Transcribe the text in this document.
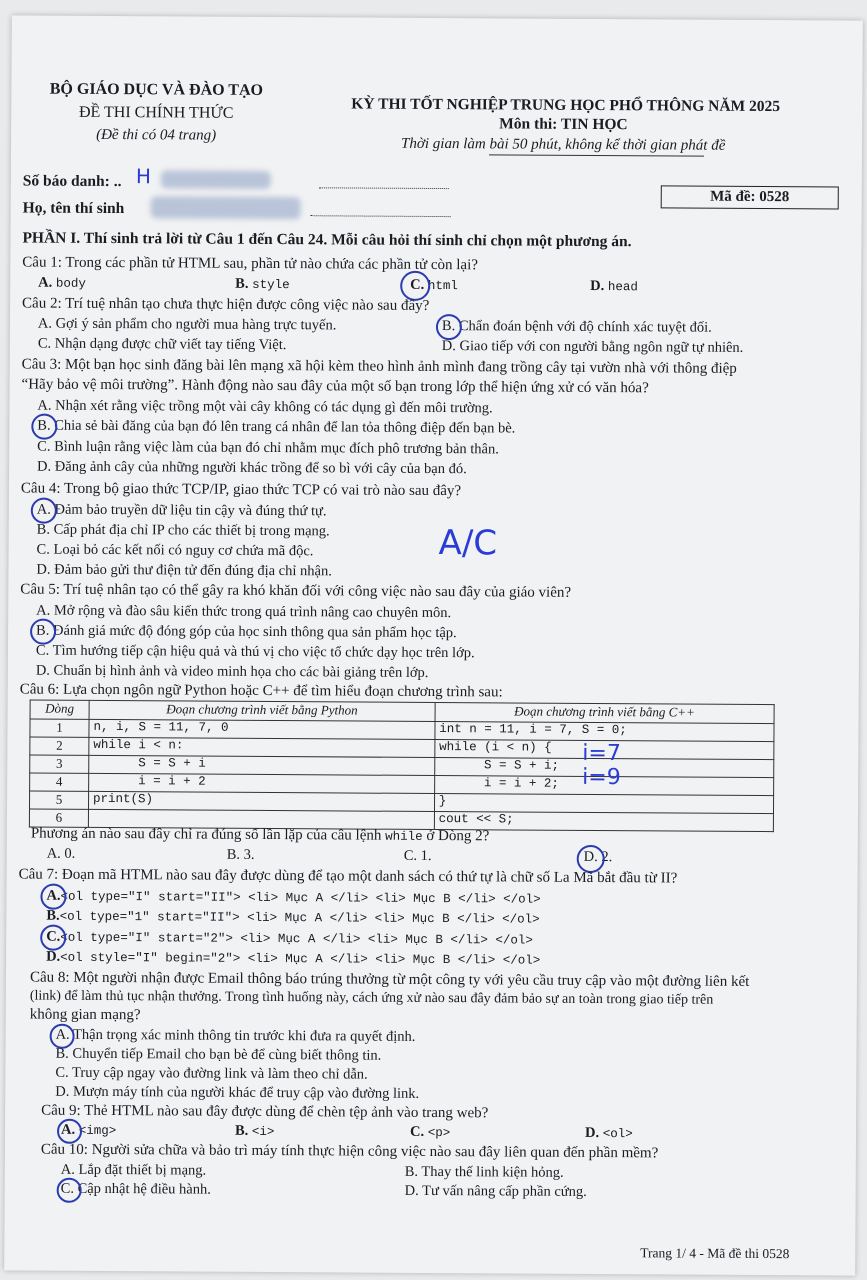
BỘ GIÁO DỤC VÀ ĐÀO TẠO
ĐỀ THI CHÍNH THỨC
(Đề thi có 04 trang)
KỲ THI TỐT NGHIỆP TRUNG HỌC PHỔ THÔNG NĂM 2025
Môn thi: TIN HỌC
Thời gian làm bài 50 phút, không kể thời gian phát đề
Số báo danh: .. H
Họ, tên thí sinh
Mã đề: 0528
PHẦN I. Thí sinh trả lời từ Câu 1 đến Câu 24. Mỗi câu hỏi thí sinh chỉ chọn một phương án.
Câu 1: Trong các phần tử HTML sau, phần tử nào chứa các phần tử còn lại?
A. body	B. style	C. html	D. head
Câu 2: Trí tuệ nhân tạo chưa thực hiện được công việc nào sau đây?
A. Gợi ý sản phẩm cho người mua hàng trực tuyến.	B. Chẩn đoán bệnh với độ chính xác tuyệt đối.
C. Nhận dạng được chữ viết tay tiếng Việt.	D. Giao tiếp với con người bằng ngôn ngữ tự nhiên.
Câu 3: Một bạn học sinh đăng bài lên mạng xã hội kèm theo hình ảnh mình đang trồng cây tại vườn nhà với thông điệp
“Hãy bảo vệ môi trường”. Hành động nào sau đây của một số bạn trong lớp thể hiện ứng xử có văn hóa?
A. Nhận xét rằng việc trồng một vài cây không có tác dụng gì đến môi trường.
B. Chia sẻ bài đăng của bạn đó lên trang cá nhân để lan tỏa thông điệp đến bạn bè.
C. Bình luận rằng việc làm của bạn đó chỉ nhằm mục đích phô trương bản thân.
D. Đăng ảnh cây của những người khác trồng để so bì với cây của bạn đó.
Câu 4: Trong bộ giao thức TCP/IP, giao thức TCP có vai trò nào sau đây?
A. Đảm bảo truyền dữ liệu tin cậy và đúng thứ tự.
B. Cấp phát địa chỉ IP cho các thiết bị trong mạng.
C. Loại bỏ các kết nối có nguy cơ chứa mã độc.
D. Đảm bảo gửi thư điện tử đến đúng địa chỉ nhận.
A/C
Câu 5: Trí tuệ nhân tạo có thể gây ra khó khăn đối với công việc nào sau đây của giáo viên?
A. Mở rộng và đào sâu kiến thức trong quá trình nâng cao chuyên môn.
B. Đánh giá mức độ đóng góp của học sinh thông qua sản phẩm học tập.
C. Tìm hướng tiếp cận hiệu quả và thú vị cho việc tổ chức dạy học trên lớp.
D. Chuẩn bị hình ảnh và video minh họa cho các bài giảng trên lớp.
Câu 6: Lựa chọn ngôn ngữ Python hoặc C++ để tìm hiểu đoạn chương trình sau:
Dòng	Đoạn chương trình viết bằng Python	Đoạn chương trình viết bằng C++
1	n, i, S = 11, 7, 0	int n = 11, i = 7, S = 0;
2	while i < n:	while (i < n) {
3	S = S + i	S = S + i;
4	i = i + 2	i = i + 2;
5	print(S)	}
6		cout << S;
i=7
i=9
Phương án nào sau đây chỉ ra đúng số lần lặp của câu lệnh while ở Dòng 2?
A. 0.	B. 3.	C. 1.	D. 2.
Câu 7: Đoạn mã HTML nào sau đây được dùng để tạo một danh sách có thứ tự là chữ số La Mã bắt đầu từ II?
A.<ol type="I" start="II"> <li> Mục A </li> <li> Mục B </li> </ol>
B.<ol type="1" start="II"> <li> Mục A </li> <li> Mục B </li> </ol>
C.<ol type="I" start="2"> <li> Mục A </li> <li> Mục B </li> </ol>
D.<ol style="I" begin="2"> <li> Mục A </li> <li> Mục B </li> </ol>
Câu 8: Một người nhận được Email thông báo trúng thưởng từ một công ty với yêu cầu truy cập vào một đường liên kết
(link) để làm thủ tục nhận thưởng. Trong tình huống này, cách ứng xử nào sau đây đảm bảo sự an toàn trong giao tiếp trên
không gian mạng?
A. Thận trọng xác minh thông tin trước khi đưa ra quyết định.
B. Chuyển tiếp Email cho bạn bè để cùng biết thông tin.
C. Truy cập ngay vào đường link và làm theo chỉ dẫn.
D. Mượn máy tính của người khác để truy cập vào đường link.
Câu 9: Thẻ HTML nào sau đây được dùng để chèn tệp ảnh vào trang web?
A. <img>	B. <i>	C. <p>	D. <ol>
Câu 10: Người sửa chữa và bảo trì máy tính thực hiện công việc nào sau đây liên quan đến phần mềm?
A. Lắp đặt thiết bị mạng.	B. Thay thế linh kiện hỏng.
C. Cập nhật hệ điều hành.	D. Tư vấn nâng cấp phần cứng.
Trang 1/ 4 - Mã đề thi 0528
